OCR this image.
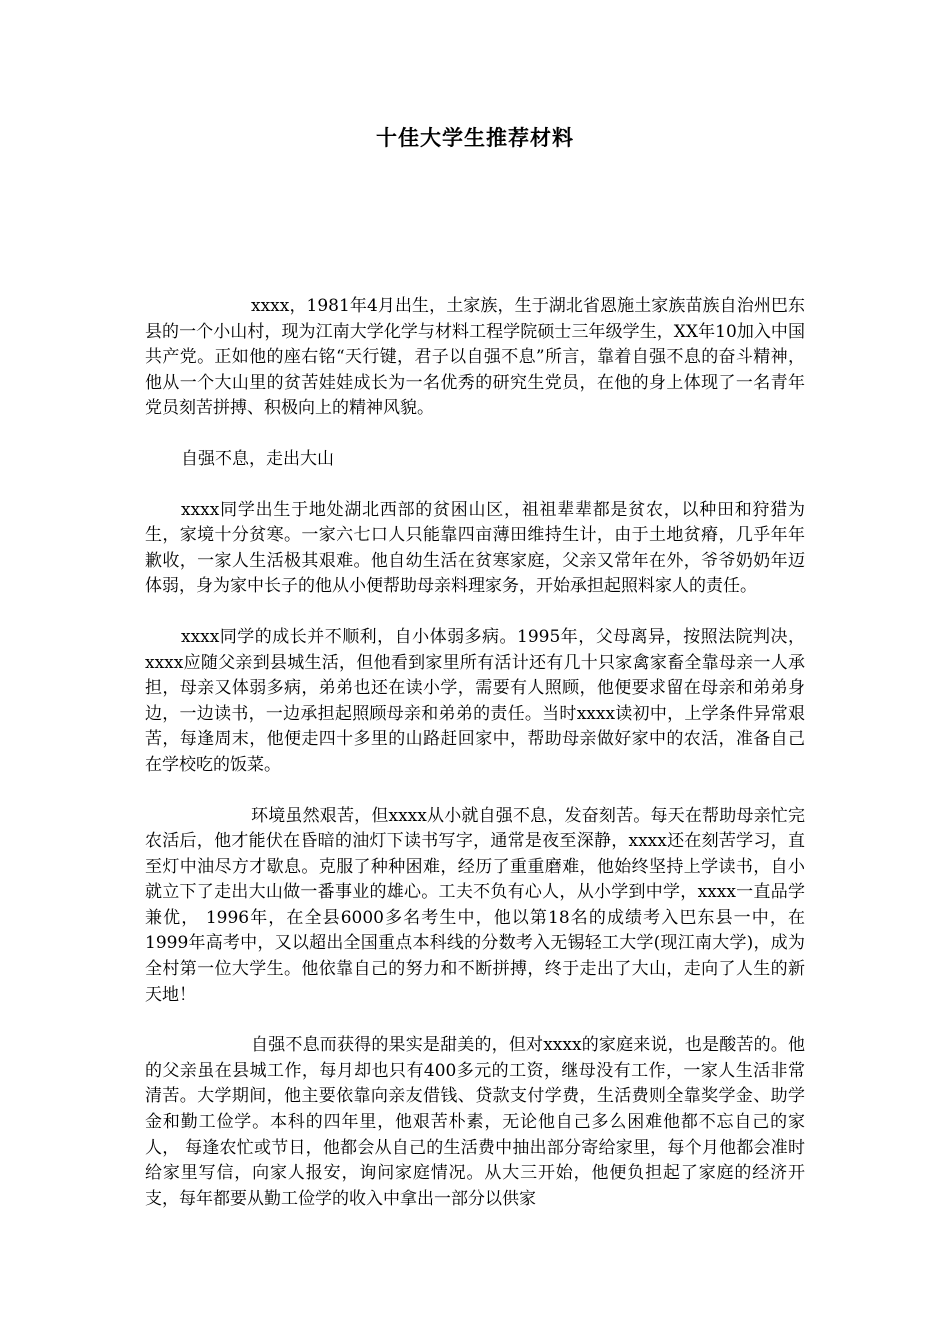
十佳大学生推荐材料

xxxx，1981年4月出生，土家族，生于湖北省恩施土家族苗族自治州巴东县的一个小山村，现为江南大学化学与材料工程学院硕士三年级学生，XX年10加入中国共产党。正如他的座右铭“天行键，君子以自强不息”所言，靠着自强不息的奋斗精神，他从一个大山里的贫苦娃娃成长为一名优秀的研究生党员，在他的身上体现了一名青年党员刻苦拼搏、积极向上的精神风貌。

自强不息，走出大山

xxxx同学出生于地处湖北西部的贫困山区，祖祖辈辈都是贫农，以种田和狩猎为生，家境十分贫寒。一家六七口人只能靠四亩薄田维持生计，由于土地贫瘠，几乎年年歉收，一家人生活极其艰难。他自幼生活在贫寒家庭，父亲又常年在外，爷爷奶奶年迈体弱，身为家中长子的他从小便帮助母亲料理家务，开始承担起照料家人的责任。

xxxx同学的成长并不顺利，自小体弱多病。1995年，父母离异，按照法院判决，xxxx应随父亲到县城生活，但他看到家里所有活计还有几十只家禽家畜全靠母亲一人承担，母亲又体弱多病，弟弟也还在读小学，需要有人照顾，他便要求留在母亲和弟弟身边，一边读书，一边承担起照顾母亲和弟弟的责任。当时xxxx读初中，上学条件异常艰苦，每逢周末，他便走四十多里的山路赶回家中，帮助母亲做好家中的农活，准备自己在学校吃的饭菜。

环境虽然艰苦，但xxxx从小就自强不息，发奋刻苦。每天在帮助母亲忙完农活后，他才能伏在昏暗的油灯下读书写字，通常是夜至深静，xxxx还在刻苦学习，直至灯中油尽方才歇息。克服了种种困难，经历了重重磨难，他始终坚持上学读书，自小就立下了走出大山做一番事业的雄心。工夫不负有心人，从小学到中学，xxxx一直品学兼优， 1996年，在全县6000多名考生中，他以第18名的成绩考入巴东县一中，在1999年高考中，又以超出全国重点本科线的分数考入无锡轻工大学(现江南大学)，成为全村第一位大学生。他依靠自己的努力和不断拼搏，终于走出了大山，走向了人生的新天地！

自强不息而获得的果实是甜美的，但对xxxx的家庭来说，也是酸苦的。他的父亲虽在县城工作，每月却也只有400多元的工资，继母没有工作，一家人生活非常清苦。大学期间，他主要依靠向亲友借钱、贷款支付学费，生活费则全靠奖学金、助学金和勤工俭学。本科的四年里，他艰苦朴素，无论他自己多么困难他都不忘自己的家人， 每逢农忙或节日，他都会从自己的生活费中抽出部分寄给家里，每个月他都会准时给家里写信，向家人报安，询问家庭情况。从大三开始，他便负担起了家庭的经济开支，每年都要从勤工俭学的收入中拿出一部分以供家
